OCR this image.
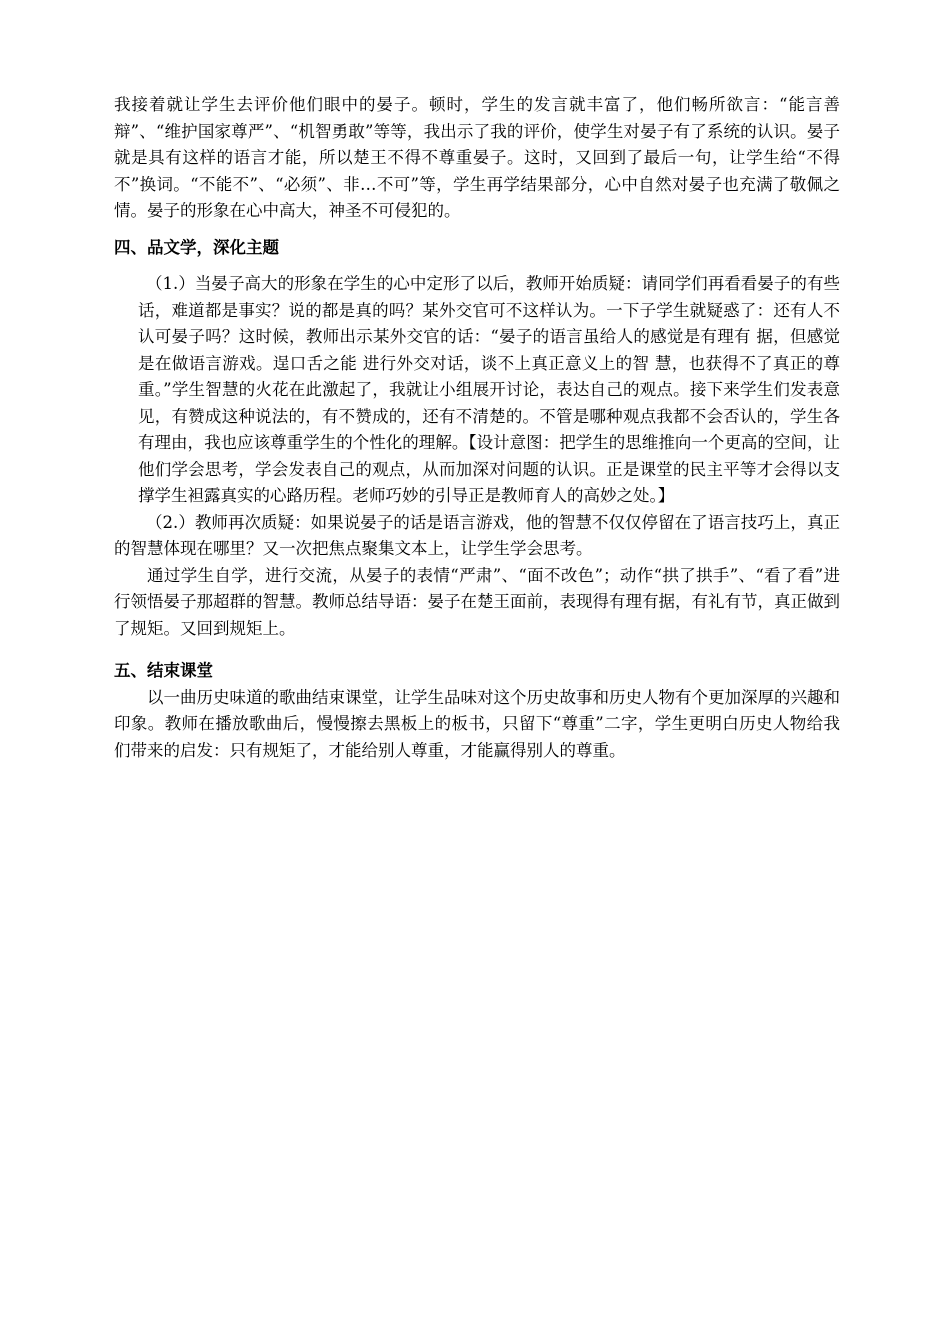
我接着就让学生去评价他们眼中的晏子。顿时，学生的发言就丰富了，他们畅所欲言：“能言善辩”、“维护国家尊严”、“机智勇敢”等等，我出示了我的评价，使学生对晏子有了系统的认识。晏子就是具有这样的语言才能，所以楚王不得不尊重晏子。这时，又回到了最后一句，让学生给“不得不”换词。“不能不”、“必须”、非…不可”等，学生再学结果部分，心中自然对晏子也充满了敬佩之情。晏子的形象在心中高大，神圣不可侵犯的。

四、品文学，深化主题

（1.）当晏子高大的形象在学生的心中定形了以后，教师开始质疑：请同学们再看看晏子的有些话，难道都是事实？说的都是真的吗？某外交官可不这样认为。一下子学生就疑惑了：还有人不认可晏子吗？这时候，教师出示某外交官的话：“晏子的语言虽给人的感觉是有理有 据，但感觉是在做语言游戏。逞口舌之能 进行外交对话，谈不上真正意义上的智 慧，也获得不了真正的尊重。”学生智慧的火花在此激起了，我就让小组展开讨论，表达自己的观点。接下来学生们发表意见，有赞成这种说法的，有不赞成的，还有不清楚的。不管是哪种观点我都不会否认的，学生各有理由，我也应该尊重学生的个性化的理解。【设计意图：把学生的思维推向一个更高的空间，让他们学会思考，学会发表自己的观点，从而加深对问题的认识。正是课堂的民主平等才会得以支撑学生袒露真实的心路历程。老师巧妙的引导正是教师育人的高妙之处。】

（2.）教师再次质疑：如果说晏子的话是语言游戏，他的智慧不仅仅停留在了语言技巧上，真正的智慧体现在哪里？又一次把焦点聚集文本上，让学生学会思考。

通过学生自学，进行交流，从晏子的表情“严肃”、“面不改色”；动作“拱了拱手”、“看了看”进行领悟晏子那超群的智慧。教师总结导语：晏子在楚王面前，表现得有理有据，有礼有节，真正做到了规矩。又回到规矩上。

五、结束课堂

以一曲历史味道的歌曲结束课堂，让学生品味对这个历史故事和历史人物有个更加深厚的兴趣和印象。教师在播放歌曲后，慢慢擦去黑板上的板书，只留下“尊重”二字，学生更明白历史人物给我们带来的启发：只有规矩了，才能给别人尊重，才能赢得别人的尊重。
